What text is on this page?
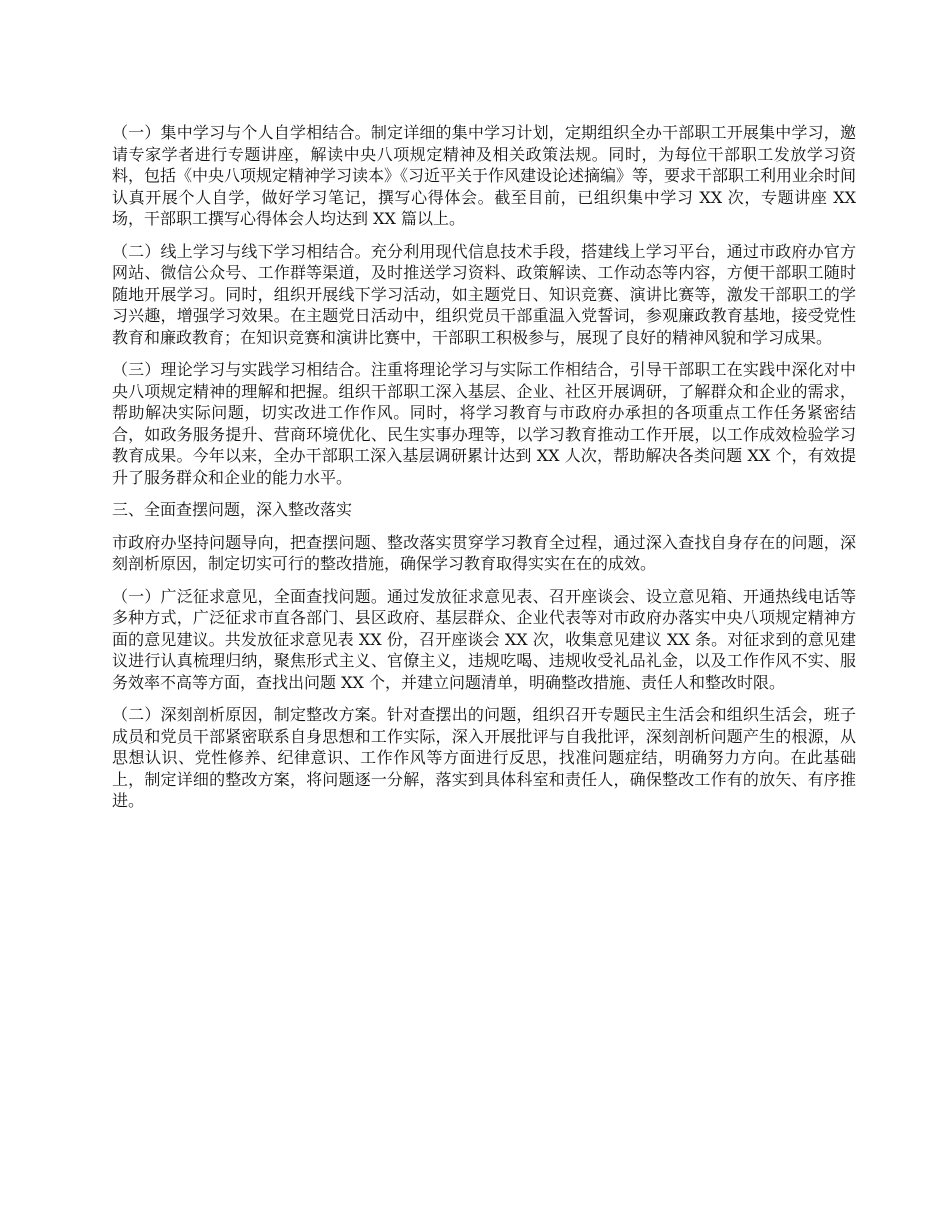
（一）集中学习与个人自学相结合。制定详细的集中学习计划，定期组织全办干部职工开展集中学习，邀请专家学者进行专题讲座，解读中央八项规定精神及相关政策法规。同时，为每位干部职工发放学习资料，包括《中央八项规定精神学习读本》《习近平关于作风建设论述摘编》等，要求干部职工利用业余时间认真开展个人自学，做好学习笔记，撰写心得体会。截至目前，已组织集中学习 XX 次，专题讲座 XX 场，干部职工撰写心得体会人均达到 XX 篇以上。

（二）线上学习与线下学习相结合。充分利用现代信息技术手段，搭建线上学习平台，通过市政府办官方网站、微信公众号、工作群等渠道，及时推送学习资料、政策解读、工作动态等内容，方便干部职工随时随地开展学习。同时，组织开展线下学习活动，如主题党日、知识竞赛、演讲比赛等，激发干部职工的学习兴趣，增强学习效果。在主题党日活动中，组织党员干部重温入党誓词，参观廉政教育基地，接受党性教育和廉政教育；在知识竞赛和演讲比赛中，干部职工积极参与，展现了良好的精神风貌和学习成果。

（三）理论学习与实践学习相结合。注重将理论学习与实际工作相结合，引导干部职工在实践中深化对中央八项规定精神的理解和把握。组织干部职工深入基层、企业、社区开展调研，了解群众和企业的需求，帮助解决实际问题，切实改进工作作风。同时，将学习教育与市政府办承担的各项重点工作任务紧密结合，如政务服务提升、营商环境优化、民生实事办理等，以学习教育推动工作开展，以工作成效检验学习教育成果。今年以来，全办干部职工深入基层调研累计达到 XX 人次，帮助解决各类问题 XX 个，有效提升了服务群众和企业的能力水平。

三、全面查摆问题，深入整改落实

市政府办坚持问题导向，把查摆问题、整改落实贯穿学习教育全过程，通过深入查找自身存在的问题，深刻剖析原因，制定切实可行的整改措施，确保学习教育取得实实在在的成效。

（一）广泛征求意见，全面查找问题。通过发放征求意见表、召开座谈会、设立意见箱、开通热线电话等多种方式，广泛征求市直各部门、县区政府、基层群众、企业代表等对市政府办落实中央八项规定精神方面的意见建议。共发放征求意见表 XX 份，召开座谈会 XX 次，收集意见建议 XX 条。对征求到的意见建议进行认真梳理归纳，聚焦形式主义、官僚主义，违规吃喝、违规收受礼品礼金，以及工作作风不实、服务效率不高等方面，查找出问题 XX 个，并建立问题清单，明确整改措施、责任人和整改时限。

（二）深刻剖析原因，制定整改方案。针对查摆出的问题，组织召开专题民主生活会和组织生活会，班子成员和党员干部紧密联系自身思想和工作实际，深入开展批评与自我批评，深刻剖析问题产生的根源，从思想认识、党性修养、纪律意识、工作作风等方面进行反思，找准问题症结，明确努力方向。在此基础上，制定详细的整改方案，将问题逐一分解，落实到具体科室和责任人，确保整改工作有的放矢、有序推进。
